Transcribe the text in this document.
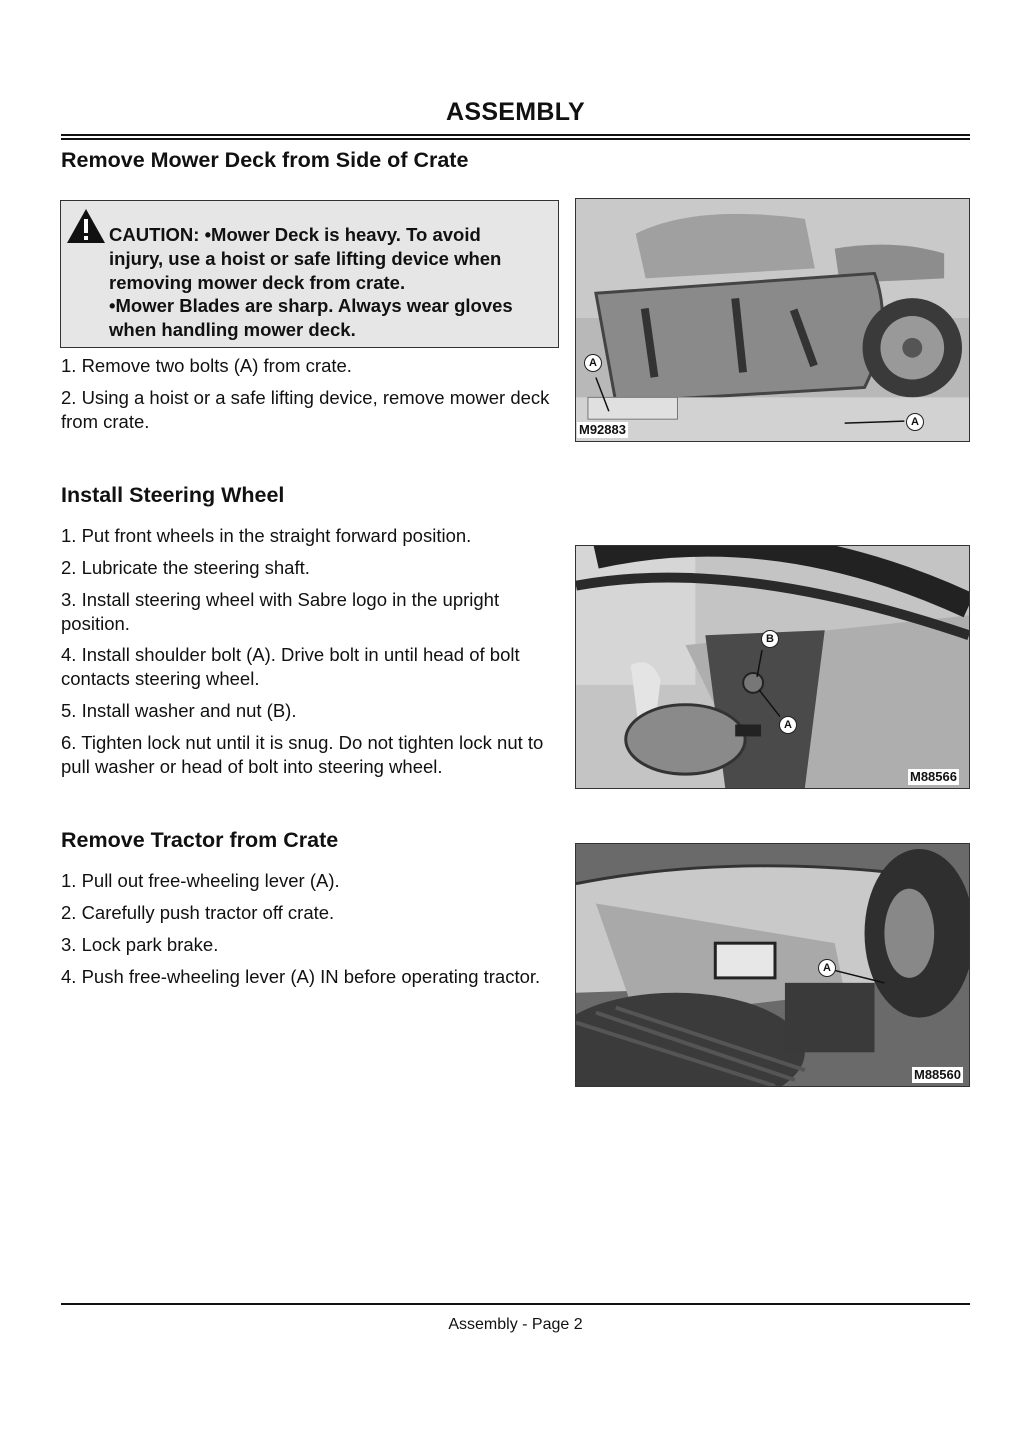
ASSEMBLY
Remove Mower Deck from Side of Crate
CAUTION: •Mower Deck is heavy. To avoid
injury, use a hoist or safe lifting device when
removing mower deck from crate.
•Mower Blades are sharp. Always wear gloves
when handling mower deck.
1. Remove two bolts (A) from crate.
2. Using a hoist or a safe lifting device, remove mower deck from crate.
A
A
M92883
Install Steering Wheel
1. Put front wheels in the straight forward position.
2. Lubricate the steering shaft.
3. Install steering wheel with Sabre logo in the upright position.
4. Install shoulder bolt (A). Drive bolt in until head of bolt contacts steering wheel.
5. Install washer and nut (B).
6. Tighten lock nut until it is snug. Do not tighten lock nut to pull washer or head of bolt into steering wheel.
B
A
M88566
Remove Tractor from Crate
1. Pull out free-wheeling lever (A).
2. Carefully push tractor off crate.
3. Lock park brake.
4. Push free-wheeling lever (A) IN before operating tractor.	A
M88560
Assembly - Page 2
